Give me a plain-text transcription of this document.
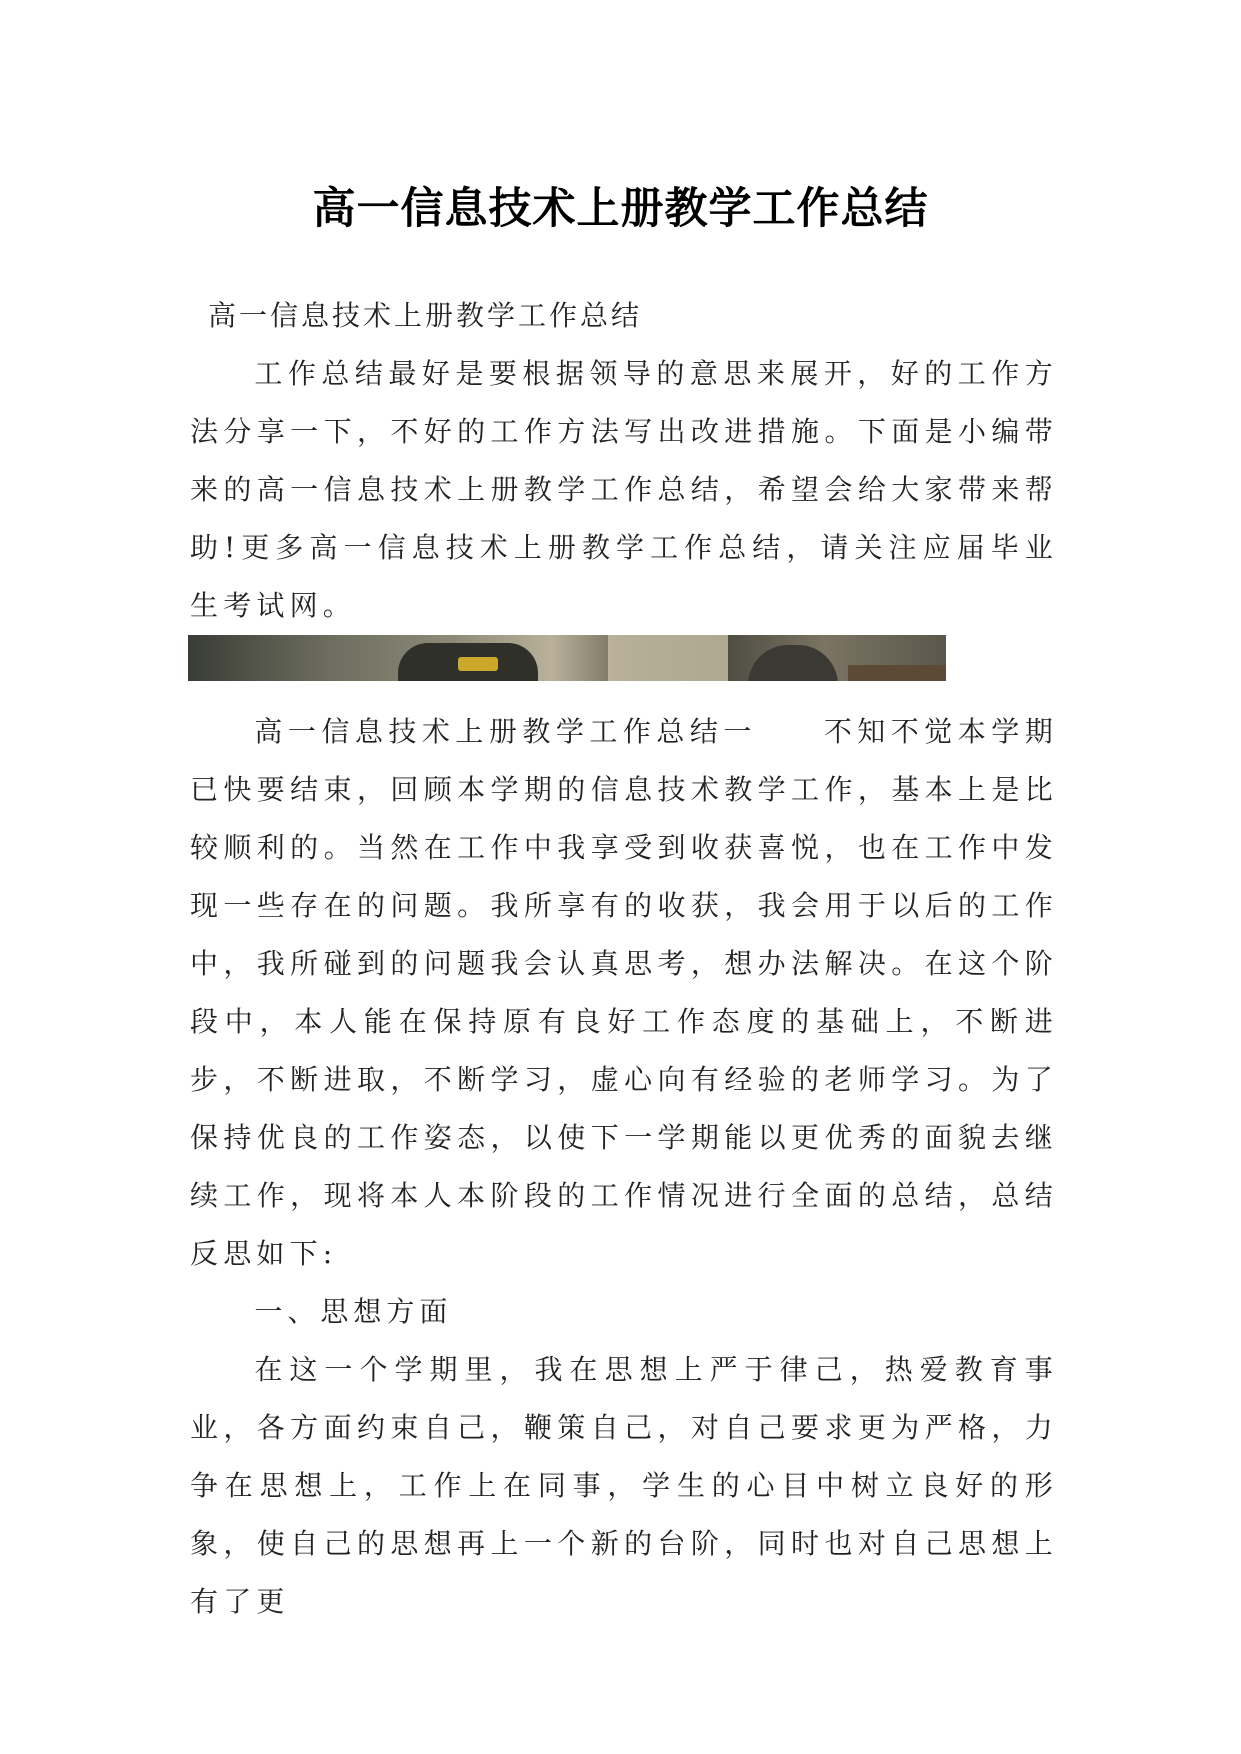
高一信息技术上册教学工作总结

高一信息技术上册教学工作总结

工作总结最好是要根据领导的意思来展开，好的工作方法分享一下，不好的工作方法写出改进措施。下面是小编带来的高一信息技术上册教学工作总结，希望会给大家带来帮助!更多高一信息技术上册教学工作总结，请关注应届毕业生考试网。

高一信息技术上册教学工作总结一　　不知不觉本学期已快要结束，回顾本学期的信息技术教学工作，基本上是比较顺利的。当然在工作中我享受到收获喜悦，也在工作中发现一些存在的问题。我所享有的收获，我会用于以后的工作中，我所碰到的问题我会认真思考，想办法解决。在这个阶段中，本人能在保持原有良好工作态度的基础上，不断进步，不断进取，不断学习，虚心向有经验的老师学习。为了保持优良的工作姿态，以使下一学期能以更优秀的面貌去继续工作，现将本人本阶段的工作情况进行全面的总结，总结反思如下:

一、思想方面

在这一个学期里，我在思想上严于律己，热爱教育事业，各方面约束自己，鞭策自己，对自己要求更为严格，力争在思想上，工作上在同事，学生的心目中树立良好的形象，使自己的思想再上一个新的台阶，同时也对自己思想上有了更
